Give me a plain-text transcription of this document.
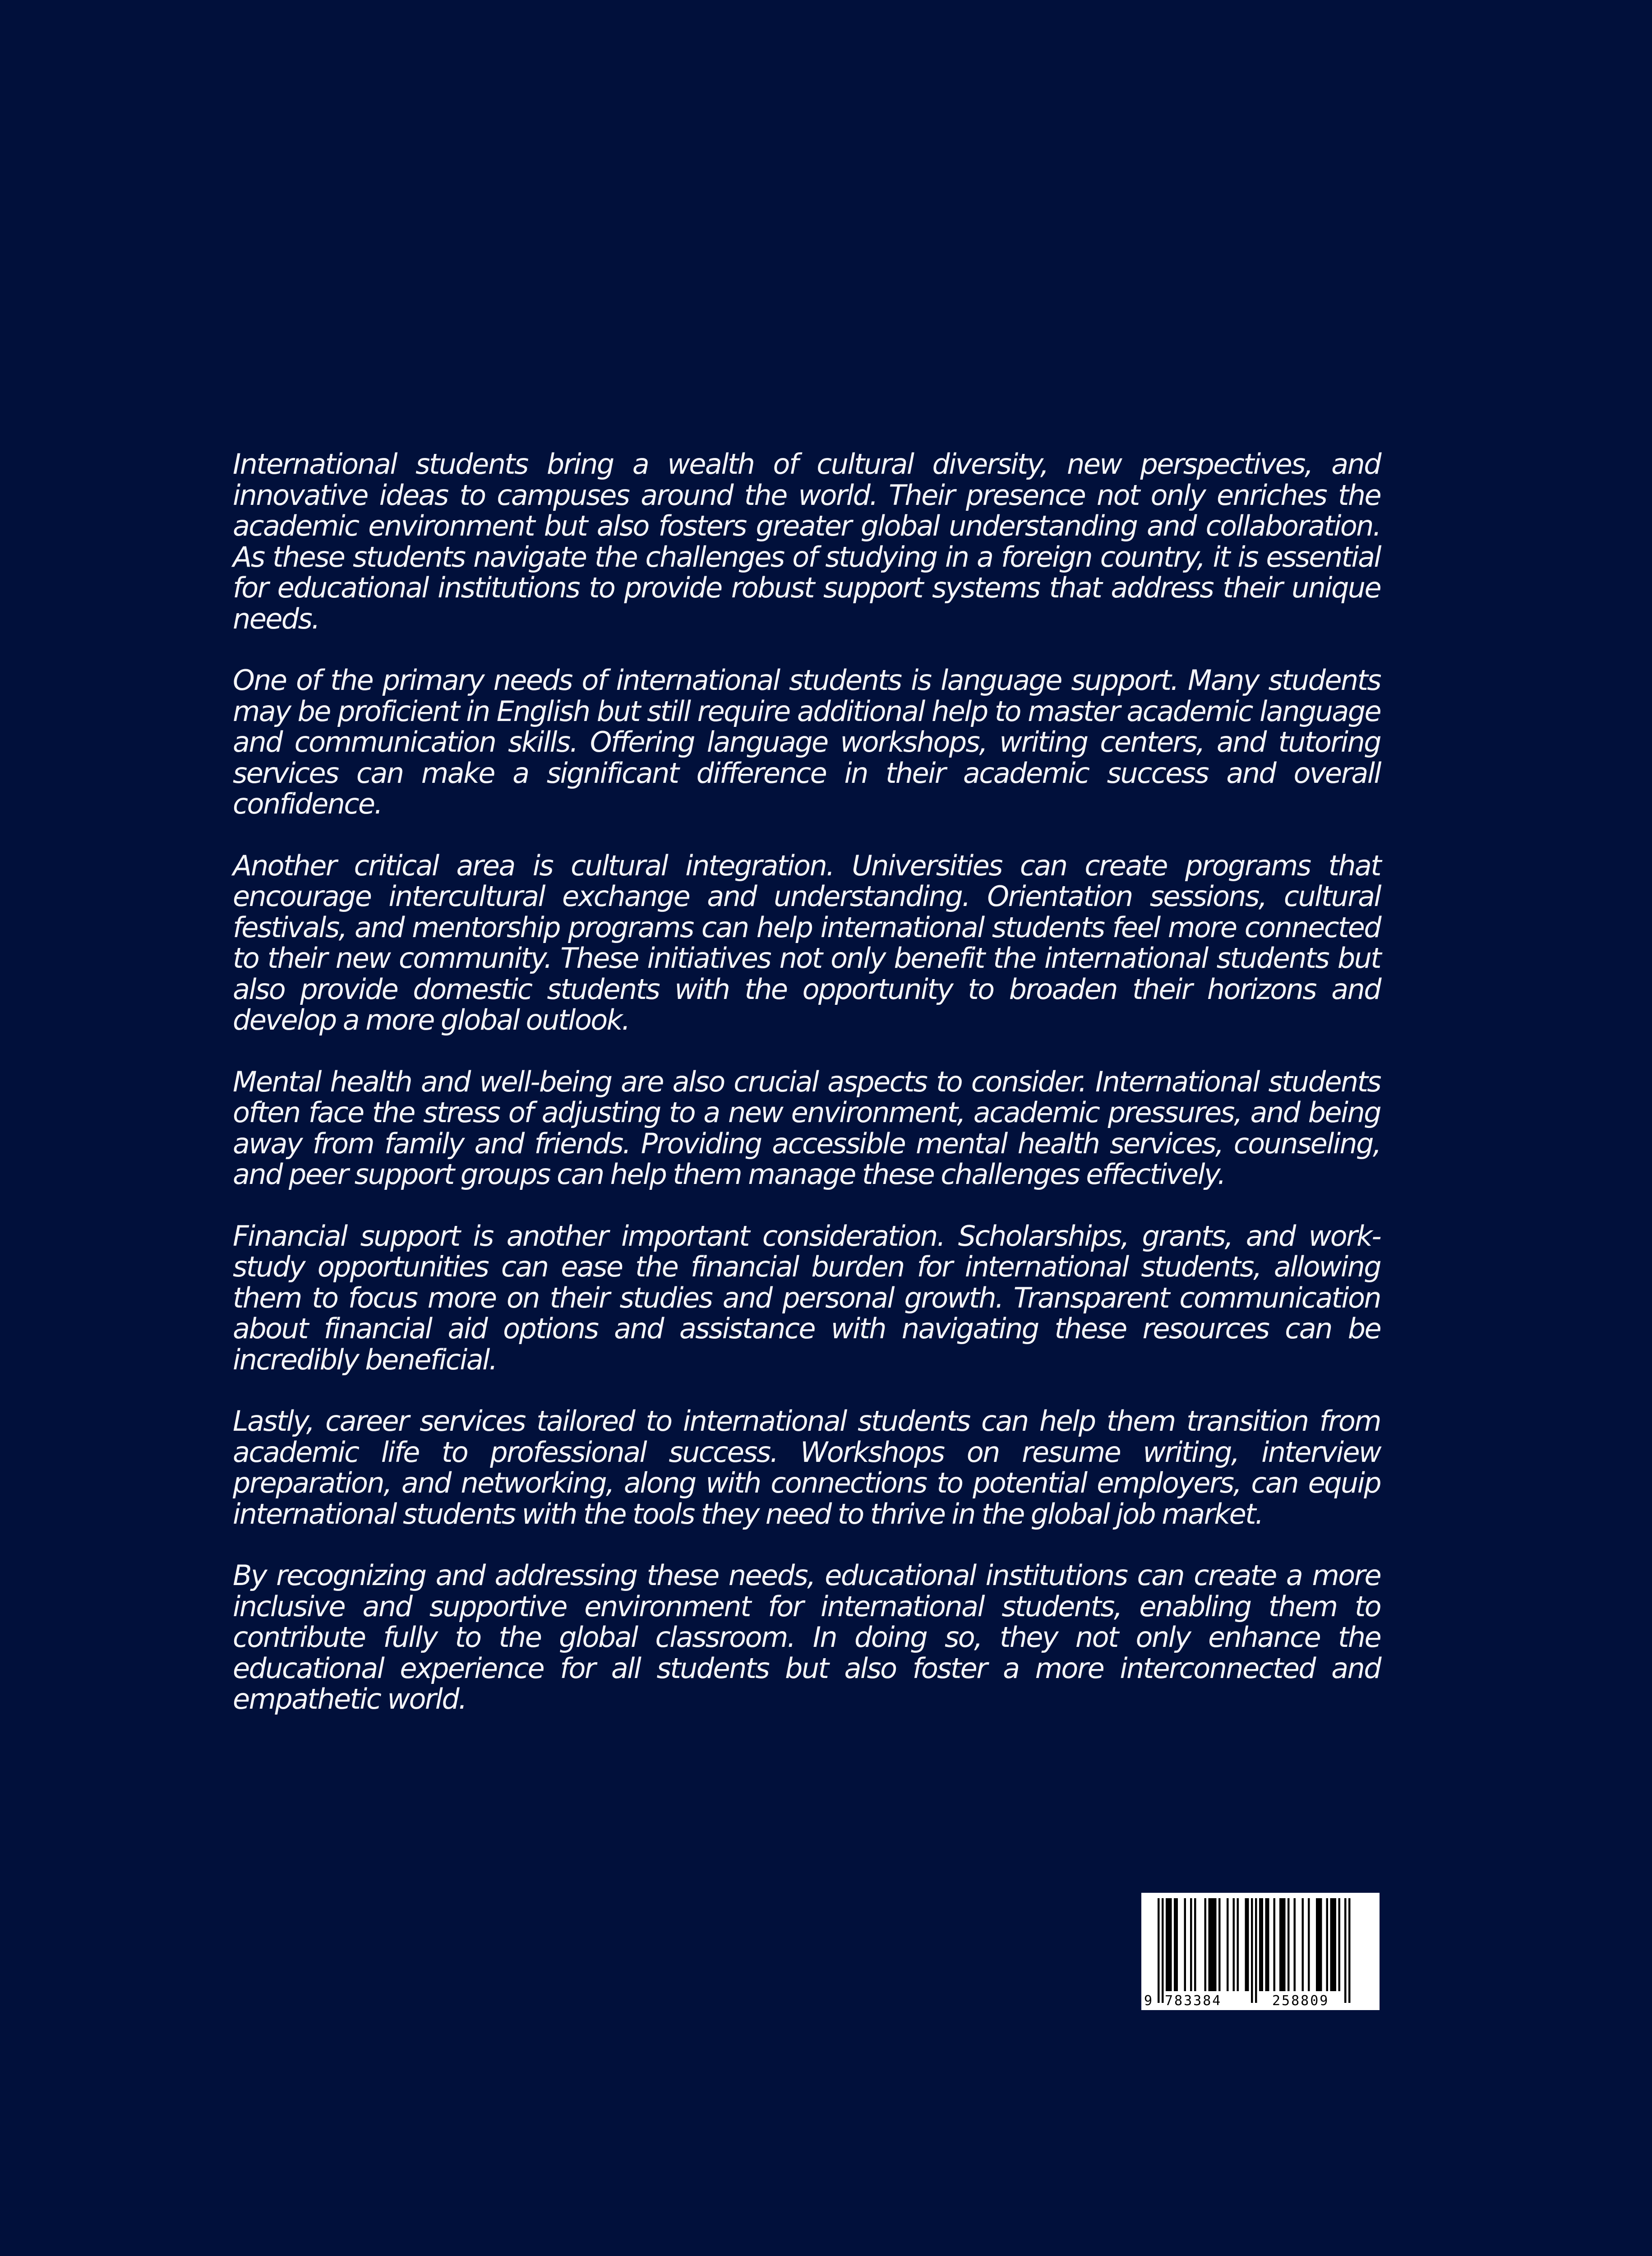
International students bring a wealth of cultural diversity, new perspectives, and innovative ideas to campuses around the world. Their presence not only enriches the academic environment but also fosters greater global understanding and collaboration. As these students navigate the challenges of studying in a foreign country, it is essential for educational institutions to provide robust support systems that address their unique needs.

One of the primary needs of international students is language support. Many students may be proficient in English but still require additional help to master academic language and communication skills. Offering language workshops, writing centers, and tutoring services can make a significant difference in their academic success and overall confidence.

Another critical area is cultural integration. Universities can create programs that encourage intercultural exchange and understanding. Orientation sessions, cultural festivals, and mentorship programs can help international students feel more connected to their new community. These initiatives not only benefit the international students but also provide domestic students with the opportunity to broaden their horizons and develop a more global outlook.

Mental health and well-being are also crucial aspects to consider. International students often face the stress of adjusting to a new environment, academic pressures, and being away from family and friends. Providing accessible mental health services, counseling, and peer support groups can help them manage these challenges effectively.

Financial support is another important consideration. Scholarships, grants, and work-study opportunities can ease the financial burden for international students, allowing them to focus more on their studies and personal growth. Transparent communication about financial aid options and assistance with navigating these resources can be incredibly beneficial.

Lastly, career services tailored to international students can help them transition from academic life to professional success. Workshops on resume writing, interview preparation, and networking, along with connections to potential employers, can equip international students with the tools they need to thrive in the global job market.

By recognizing and addressing these needs, educational institutions can create a more inclusive and supportive environment for international students, enabling them to contribute fully to the global classroom. In doing so, they not only enhance the educational experience for all students but also foster a more interconnected and empathetic world.

9 783384	258809
